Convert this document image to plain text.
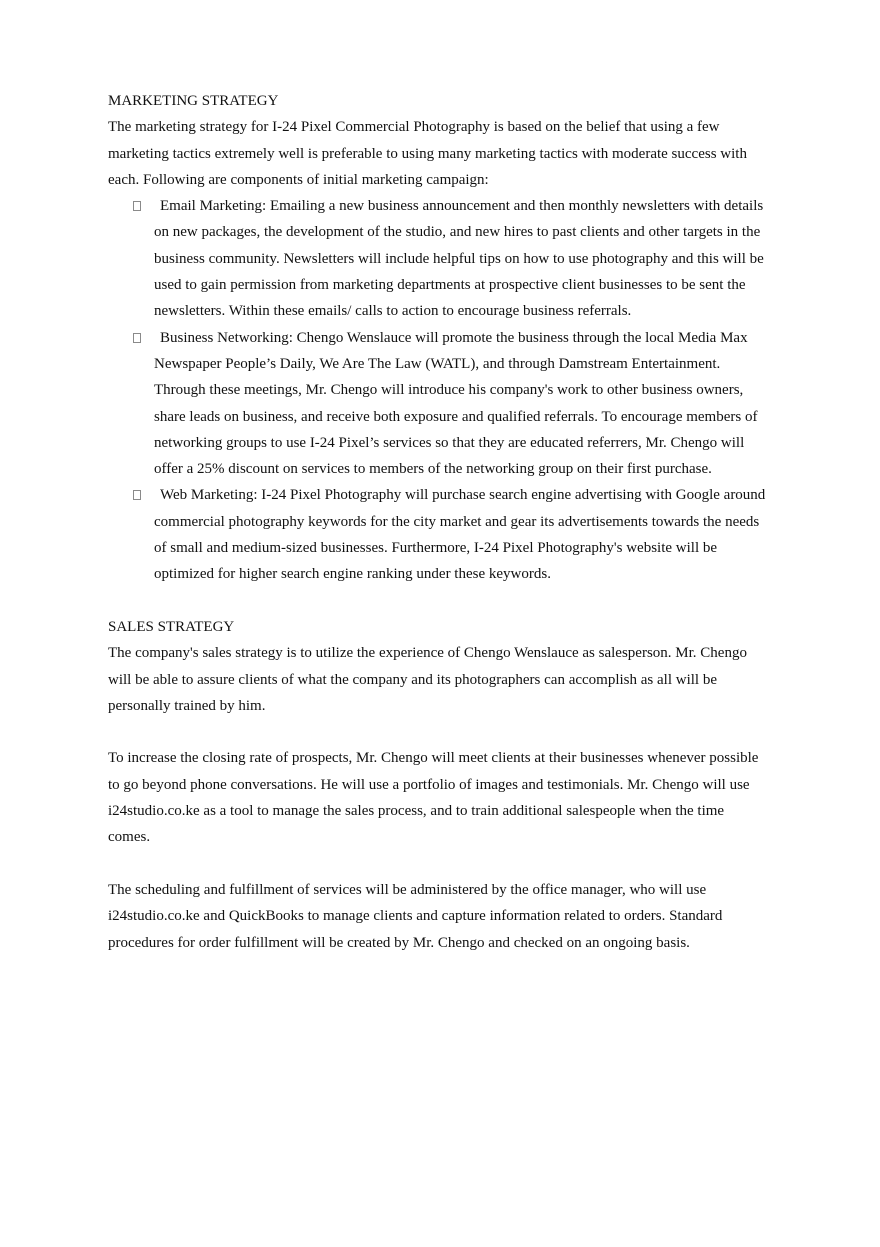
MARKETING STRATEGY

The marketing strategy for I-24 Pixel Commercial Photography is based on the belief that using a few marketing tactics extremely well is preferable to using many marketing tactics with moderate success with each. Following are components of initial marketing campaign:

Email Marketing: Emailing a new business announcement and then monthly newsletters with details on new packages, the development of the studio, and new hires to past clients and other targets in the business community. Newsletters will include helpful tips on how to use photography and this will be used to gain permission from marketing departments at prospective client businesses to be sent the newsletters. Within these emails/ calls to action to encourage business referrals.
Business Networking: Chengo Wenslauce will promote the business through the local Media Max Newspaper People’s Daily, We Are The Law (WATL), and through Damstream Entertainment. Through these meetings, Mr. Chengo will introduce his company's work to other business owners, share leads on business, and receive both exposure and qualified referrals. To encourage members of networking groups to use I-24 Pixel’s services so that they are educated referrers, Mr. Chengo will offer a 25% discount on services to members of the networking group on their first purchase.
Web Marketing: I-24 Pixel Photography will purchase search engine advertising with Google around commercial photography keywords for the city market and gear its advertisements towards the needs of small and medium-sized businesses. Furthermore, I-24 Pixel Photography's website will be optimized for higher search engine ranking under these keywords.

SALES STRATEGY

The company's sales strategy is to utilize the experience of Chengo Wenslauce as salesperson. Mr. Chengo will be able to assure clients of what the company and its photographers can accomplish as all will be personally trained by him.

To increase the closing rate of prospects, Mr. Chengo will meet clients at their businesses whenever possible to go beyond phone conversations. He will use a portfolio of images and testimonials. Mr. Chengo will use i24studio.co.ke as a tool to manage the sales process, and to train additional salespeople when the time comes.

The scheduling and fulfillment of services will be administered by the office manager, who will use i24studio.co.ke and QuickBooks to manage clients and capture information related to orders. Standard procedures for order fulfillment will be created by Mr. Chengo and checked on an ongoing basis.
